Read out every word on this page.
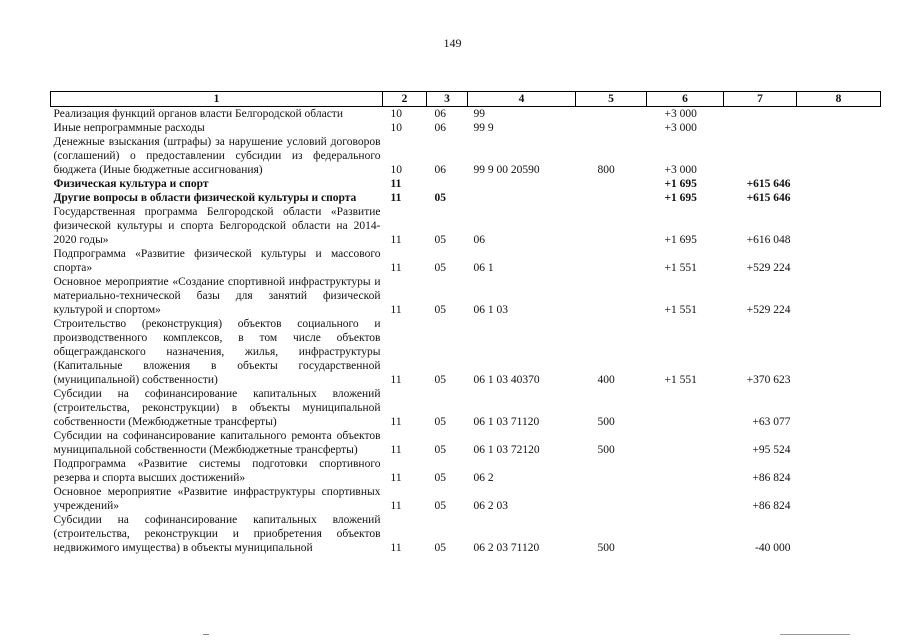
149
1	2	3	4	5	6	7	8
Реализация функций органов власти Белгородской области	10	06	99		+3 000		
Иные непрограммные расходы	10	06	99 9		+3 000		
Денежные взыскания (штрафы) за нарушение условий договоров (соглашений) о предоставлении субсидии из федерального бюджета (Иные бюджетные ассигнования)	10	06	99 9 00 20590	800	+3 000		
Физическая культура и спорт	11				+1 695	+615 646	
Другие вопросы в области физической культуры и спорта	11	05			+1 695	+615 646	
Государственная программа Белгородской области «Развитие физической культуры и спорта Белгородской области на 2014-2020 годы»	11	05	06		+1 695	+616 048	
Подпрограмма «Развитие физической культуры и массового спорта»	11	05	06 1		+1 551	+529 224	
Основное мероприятие «Создание спортивной инфраструктуры и материально-технической базы для занятий физической культурой и спортом»	11	05	06 1 03		+1 551	+529 224	
Строительство (реконструкция) объектов социального и производственного комплексов, в том числе объектов общегражданского назначения, жилья, инфраструктуры (Капитальные вложения в объекты государственной (муниципальной) собственности)	11	05	06 1 03 40370	400	+1 551	+370 623	
Субсидии на софинансирование капитальных вложений (строительства, реконструкции) в объекты муниципальной собственности (Межбюджетные трансферты)	11	05	06 1 03 71120	500		+63 077	
Субсидии на софинансирование капитального ремонта объектов муниципальной собственности (Межбюджетные трансферты)	11	05	06 1 03 72120	500		+95 524	
Подпрограмма «Развитие системы подготовки спортивного резерва и спорта высших достижений»	11	05	06 2			+86 824	
Основное мероприятие «Развитие инфраструктуры спортивных учреждений»	11	05	06 2 03			+86 824	
Субсидии на софинансирование капитальных вложений (строительства, реконструкции и приобретения объектов недвижимого имущества) в объекты муниципальной	11	05	06 2 03 71120	500		-40 000	
